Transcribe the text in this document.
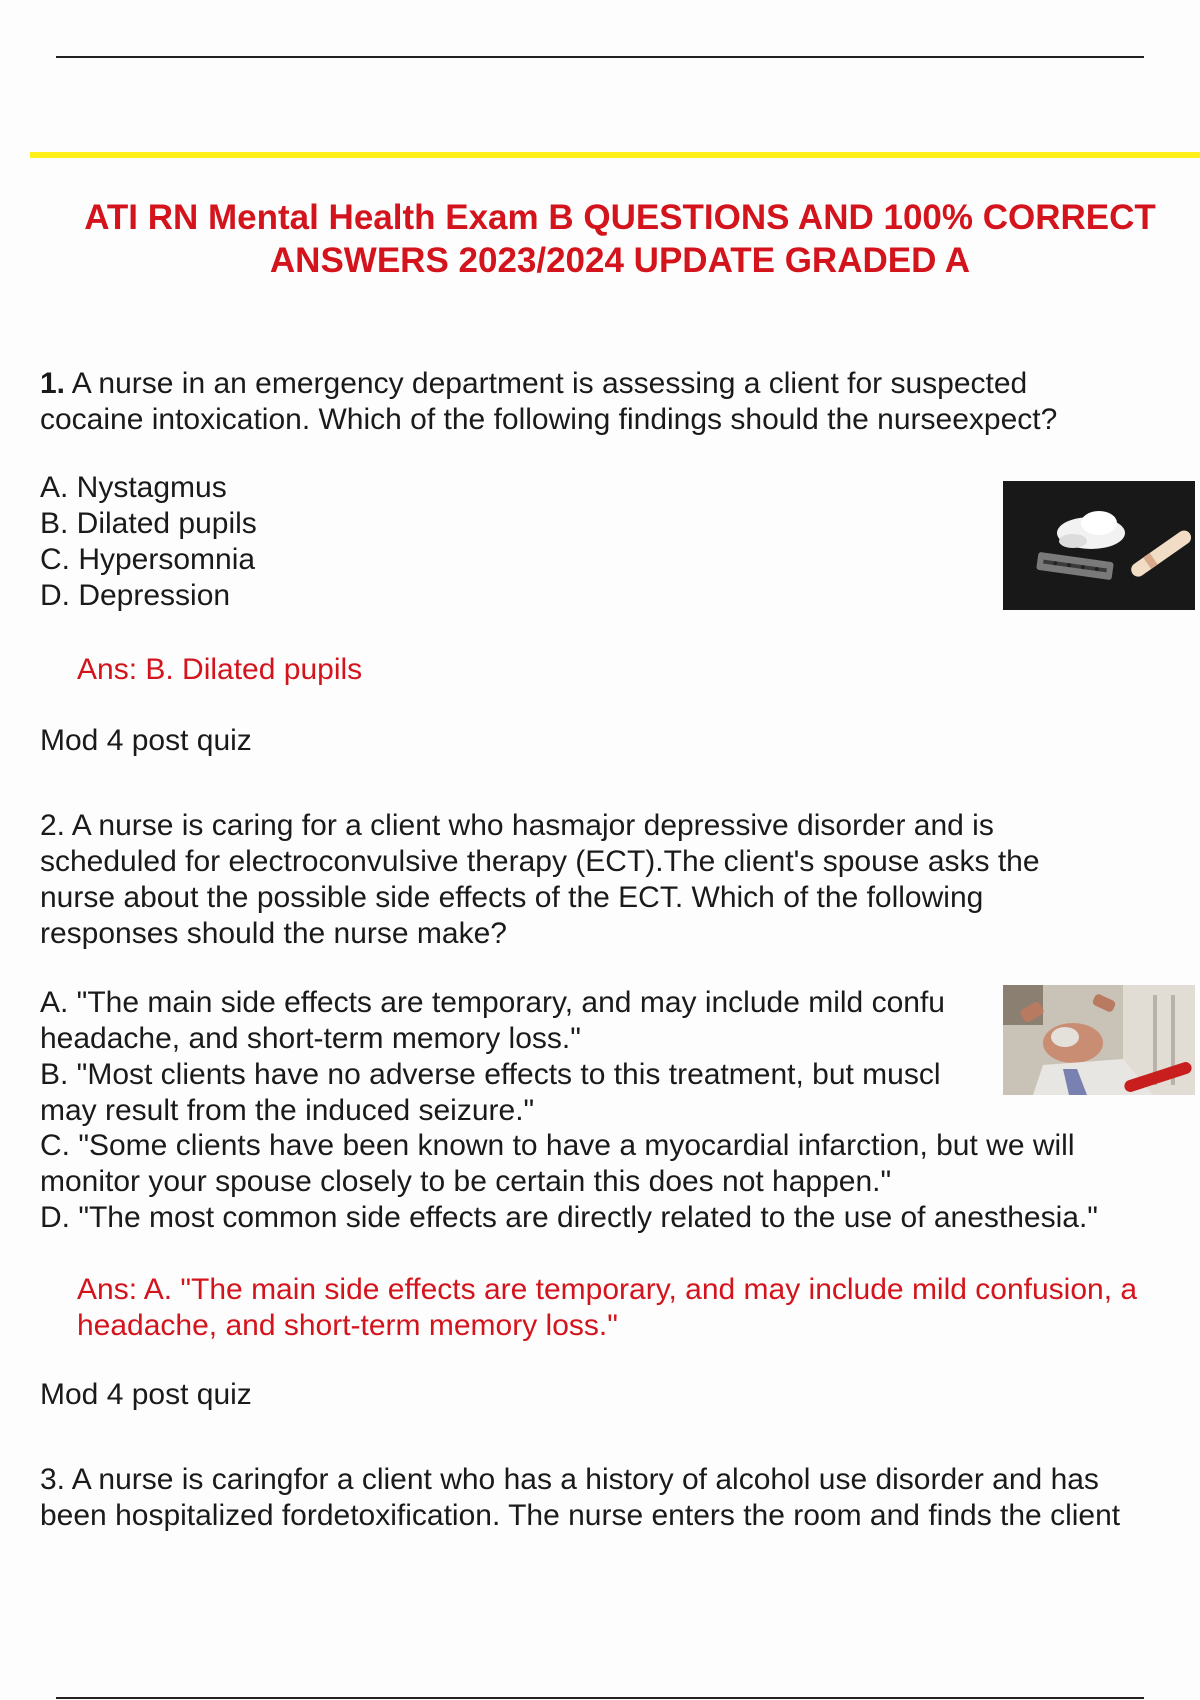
ATI RN Mental Health Exam B QUESTIONS AND 100% CORRECT ANSWERS 2023/2024 UPDATE GRADED A

1. A nurse in an emergency department is assessing a client for suspected

cocaine intoxication. Which of the following findings should the nurseexpect?

A. Nystagmus

B. Dilated pupils

C. Hypersomnia

D. Depression

Ans: B. Dilated pupils

Mod 4 post quiz

2. A nurse is caring for a client who hasmajor depressive disorder and is

scheduled for electroconvulsive therapy (ECT).The client's spouse asks the

nurse about the possible side effects of the ECT. Which of the following

responses should the nurse make?

A. "The main side effects are temporary, and may include mild confu

headache, and short-term memory loss."

B. "Most clients have no adverse effects to this treatment, but muscl

may result from the induced seizure."

C. "Some clients have been known to have a myocardial infarction, but we will

monitor your spouse closely to be certain this does not happen."

D. "The most common side effects are directly related to the use of anesthesia."

Ans: A. "The main side effects are temporary, and may include mild confusion, a

headache, and short-term memory loss."

Mod 4 post quiz

3. A nurse is caringfor a client who has a history of alcohol use disorder and has

been hospitalized fordetoxification. The nurse enters the room and finds the client
